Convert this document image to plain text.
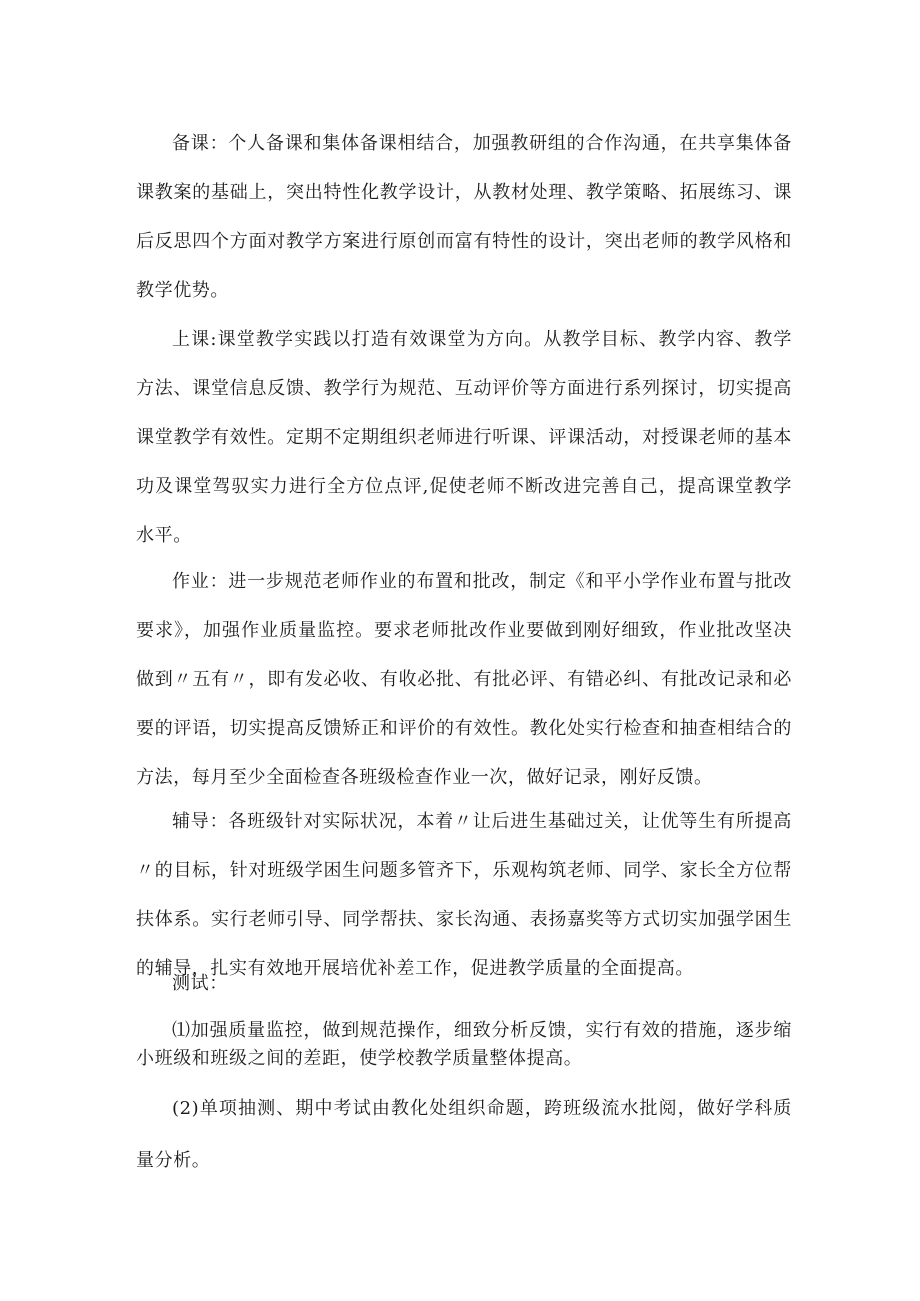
备课：个人备课和集体备课相结合，加强教研组的合作沟通，在共享集体备课教案的基础上，突出特性化教学设计，从教材处理、教学策略、拓展练习、课后反思四个方面对教学方案进行原创而富有特性的设计，突出老师的教学风格和教学优势。

上课:课堂教学实践以打造有效课堂为方向。从教学目标、教学内容、教学方法、课堂信息反馈、教学行为规范、互动评价等方面进行系列探讨，切实提高课堂教学有效性。定期不定期组织老师进行听课、评课活动，对授课老师的基本功及课堂驾驭实力进行全方位点评,促使老师不断改进完善自己，提高课堂教学水平。

作业：进一步规范老师作业的布置和批改，制定《和平小学作业布置与批改要求》，加强作业质量监控。要求老师批改作业要做到刚好细致，作业批改坚决做到〃五有〃，即有发必收、有收必批、有批必评、有错必纠、有批改记录和必要的评语，切实提高反馈矫正和评价的有效性。教化处实行检查和抽查相结合的方法，每月至少全面检查各班级检查作业一次，做好记录，刚好反馈。

辅导：各班级针对实际状况，本着〃让后进生基础过关，让优等生有所提高〃的目标，针对班级学困生问题多管齐下，乐观构筑老师、同学、家长全方位帮扶体系。实行老师引导、同学帮扶、家长沟通、表扬嘉奖等方式切实加强学困生的辅导，扎实有效地开展培优补差工作，促进教学质量的全面提高。

测试：

⑴加强质量监控，做到规范操作，细致分析反馈，实行有效的措施，逐步缩小班级和班级之间的差距，使学校教学质量整体提高。

(2)单项抽测、期中考试由教化处组织命题，跨班级流水批阅，做好学科质量分析。
